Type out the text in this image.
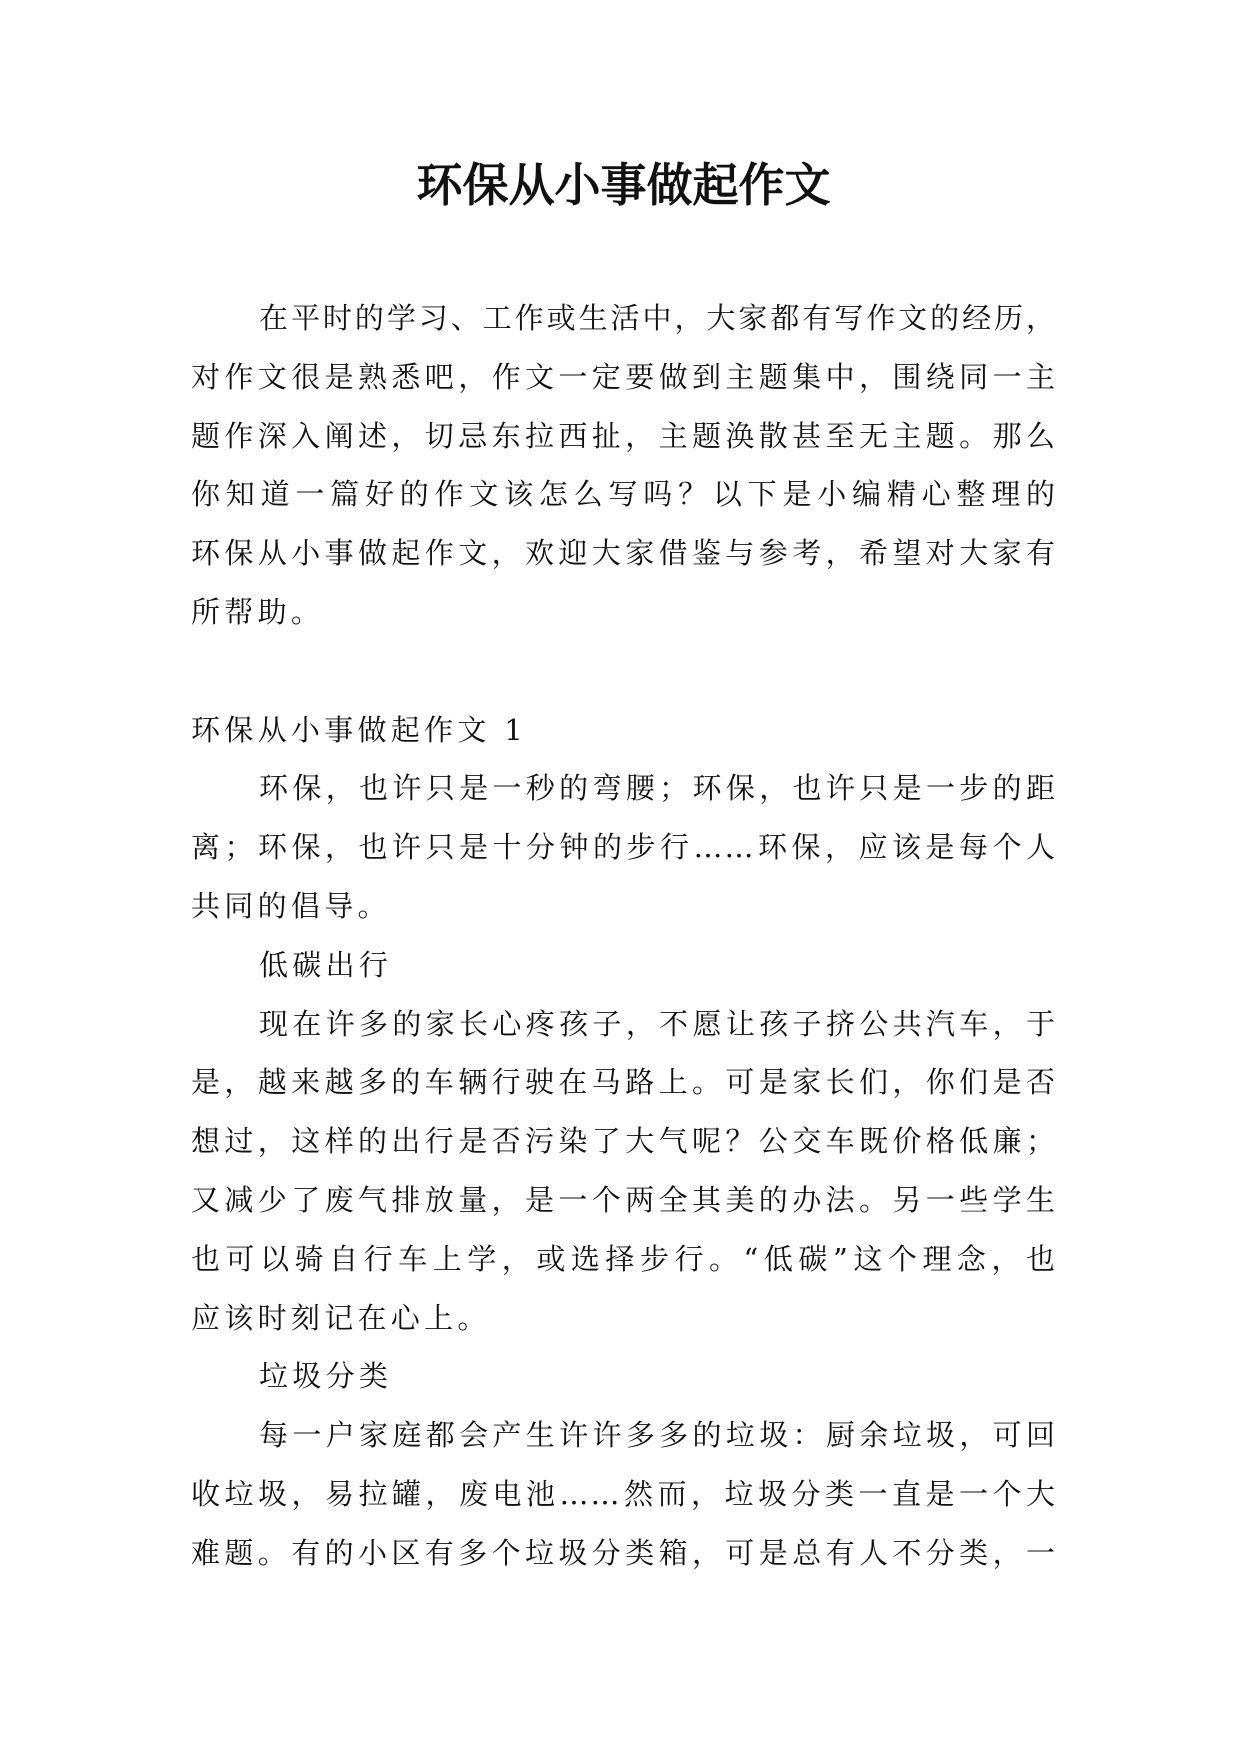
环保从小事做起作文
在平时的学习、工作或生活中，大家都有写作文的经历，
对作文很是熟悉吧，作文一定要做到主题集中，围绕同一主
题作深入阐述，切忌东拉西扯，主题涣散甚至无主题。那么
你知道一篇好的作文该怎么写吗？以下是小编精心整理的
环保从小事做起作文，欢迎大家借鉴与参考，希望对大家有
所帮助。
环保从小事做起作文 1
环保，也许只是一秒的弯腰；环保，也许只是一步的距
离；环保，也许只是十分钟的步行……环保，应该是每个人
共同的倡导。
低碳出行
现在许多的家长心疼孩子，不愿让孩子挤公共汽车，于
是，越来越多的车辆行驶在马路上。可是家长们，你们是否
想过，这样的出行是否污染了大气呢？公交车既价格低廉；
又减少了废气排放量，是一个两全其美的办法。另一些学生
也可以骑自行车上学，或选择步行。“低碳”这个理念，也
应该时刻记在心上。
垃圾分类
每一户家庭都会产生许许多多的垃圾：厨余垃圾，可回
收垃圾，易拉罐，废电池……然而，垃圾分类一直是一个大
难题。有的小区有多个垃圾分类箱，可是总有人不分类，一
